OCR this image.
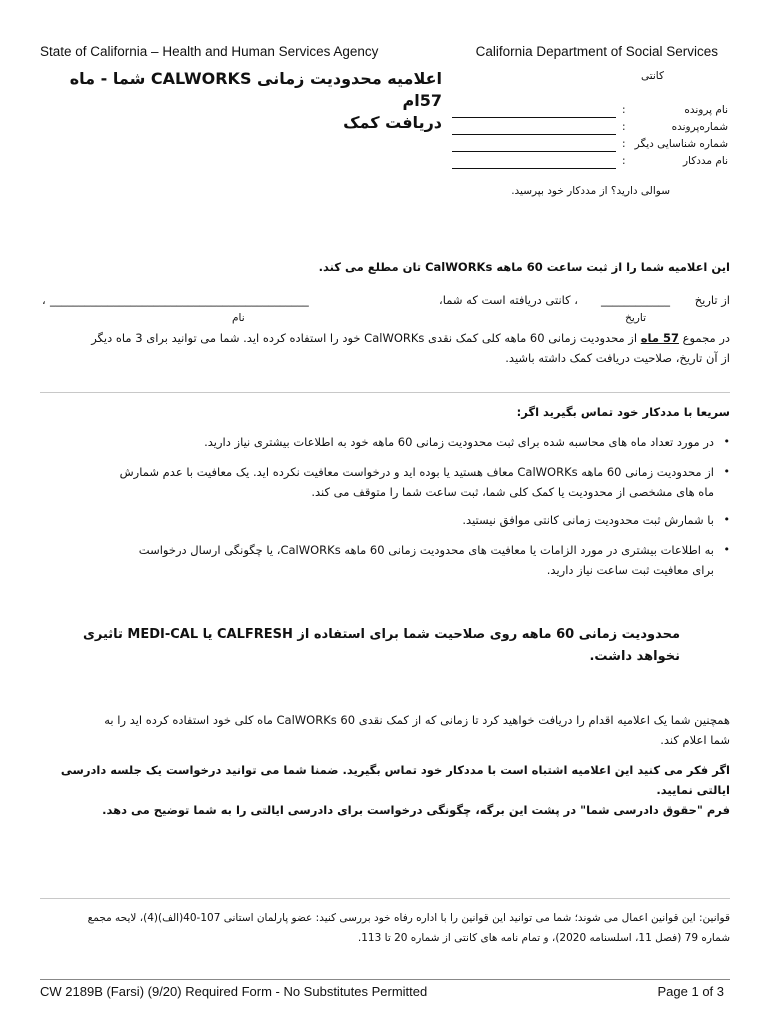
State of California – Health and Human Services Agency	California Department of Social Services
اعلامیه محدودیت زمانی CALWORKS شما - ماه 57ام
دریافت کمک
کانتی
نام پرونده
:
شماره‌پرونده
:
شماره شناسایی دیگر
:
نام مددکار
:
سوالی دارید؟ از مددکار خود بپرسید.
این اعلامیه شما را از ثبت ساعت 60 ماهه CalWORKs تان مطلع می کند.
از تاریخ
____________
، کانتی دریافته است که شما،
_____________________________________________
،
تاریخ
نام
در مجموع 57 ماه از محدودیت زمانی 60 ماهه کلی کمک نقدی CalWORKs خود را استفاده کرده اید. شما می توانید برای 3 ماه دیگر
از آن تاریخ، صلاحیت دریافت کمک داشته باشید.
سریعا با مددکار خود تماس بگیرید اگر:
•
در مورد تعداد ماه های محاسبه شده برای ثبت محدودیت زمانی 60 ماهه خود به اطلاعات بیشتری نیاز دارید.
•
از محدودیت زمانی 60 ماهه CalWORKs معاف هستید یا بوده اید و درخواست معافیت نکرده اید. یک معافیت با عدم شمارش
ماه های مشخصی از محدودیت یا کمک کلی شما، ثبت ساعت شما را متوقف می کند.
•
با شمارش ثبت محدودیت زمانی کانتی موافق نیستید.
•
به اطلاعات بیشتری در مورد الزامات یا معافیت های محدودیت زمانی 60 ماهه CalWORKs، یا چگونگی ارسال درخواست
برای معافیت ثبت ساعت نیاز دارید.
محدودیت زمانی 60 ماهه روی صلاحیت شما برای استفاده از CALFRESH یا MEDI-CAL تاثیری
نخواهد داشت.
همچنین شما یک اعلامیه اقدام را دریافت خواهید کرد تا زمانی که از کمک نقدی 60 CalWORKs ماه کلی خود استفاده کرده اید را به
شما اعلام کند.
اگر فکر می کنید این اعلامیه اشتباه است با مددکار خود تماس بگیرید. ضمنا شما می توانید درخواست یک جلسه دادرسی ایالتی نمایید.
فرم "حقوق دادرسی شما" در پشت این برگه، چگونگی درخواست برای دادرسی ایالتی را به شما توضیح می دهد.
قوانین: این قوانین اعمال می شوند؛ شما می توانید این قوانین را با اداره رفاه خود بررسی کنید: عضو پارلمان استانی 107-40(الف)(4)، لایحه مجمع
شماره 79 (فصل 11، اسلسنامه 2020)، و تمام نامه های کانتی از شماره 20 تا 113.
CW 2189B (Farsi) (9/20) Required Form - No Substitutes Permitted	Page 1 of 3
